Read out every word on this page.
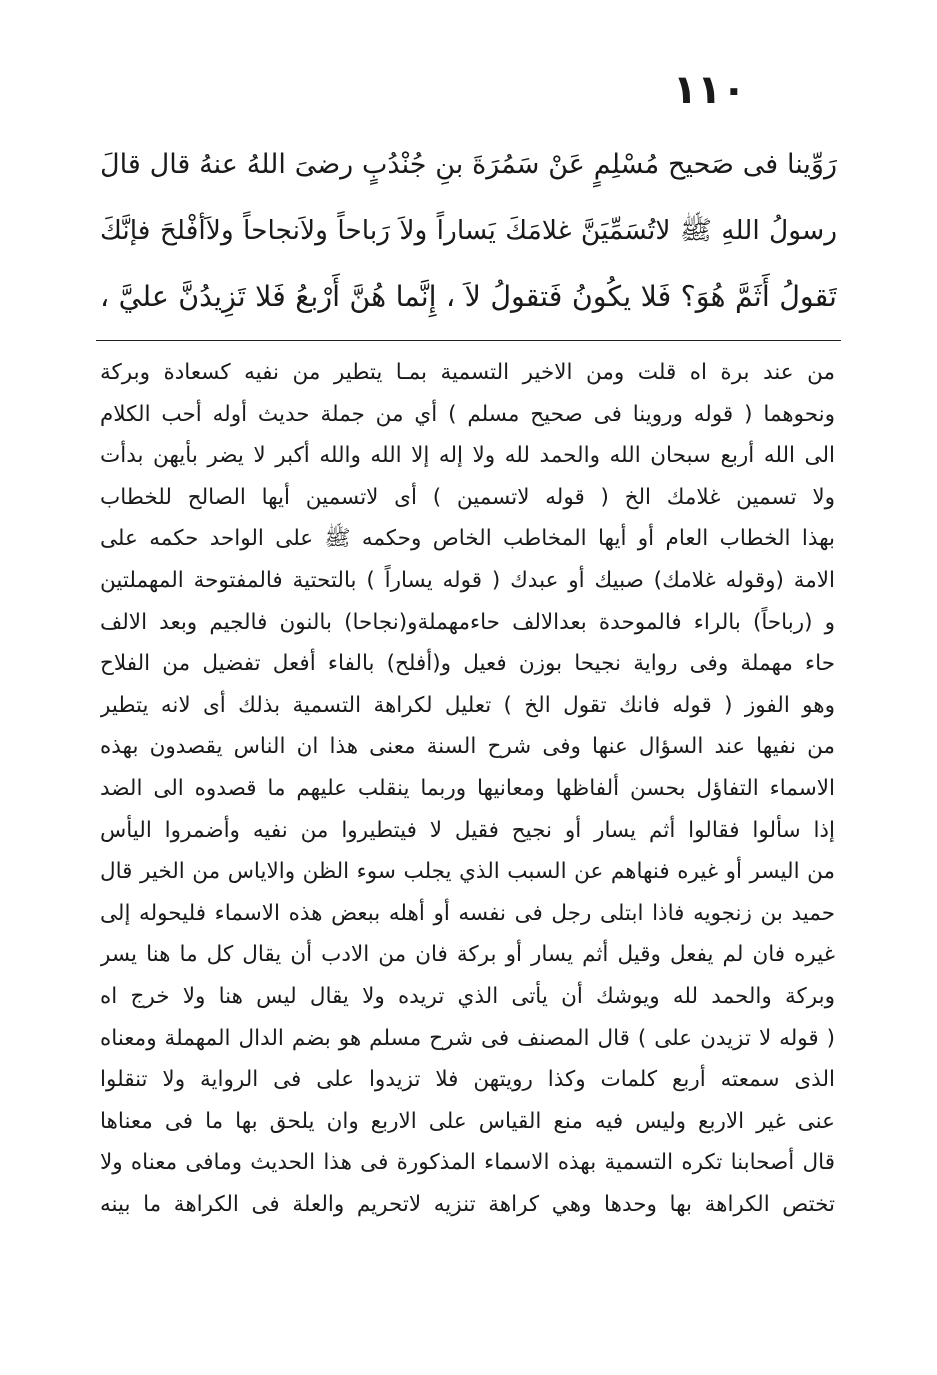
١١٠
رَوِّينا فى صَحيح مُسْلِمٍ عَنْ سَمُرَةَ بنِ جُنْدُبٍ رضىَ اللهُ عنهُ قال قالَ
رسولُ اللهِ ﷺ لاتُسَمِّيَنَّ غلامَكَ يَساراً ولاَ رَباحاً ولاَنجاحاً ولاَأفْلحَ فإنَّكَ
تَقولُ أَثَمَّ هُوَ؟ فَلا يكُونُ فَتقولُ لاَ ، إِنَّما هُنَّ أَرْبعُ فَلا تَزِيدُنَّ عليَّ ،
من عند برة اه قلت ومن الاخير التسمية بمـا يتطير من نفيه كسعادة وبركة
ونحوهما ( قوله وروينا فى صحيح مسلم ) أي من جملة حديث أوله أحب الكلام
الى الله أربع سبحان الله والحمد لله ولا إله إلا الله والله أكبر لا يضر بأيهن بدأت
ولا تسمين غلامك الخ ( قوله لاتسمين ) أى لاتسمين أيها الصالح للخطاب
بهذا الخطاب العام أو أيها المخاطب الخاص وحكمه ﷺ على الواحد حكمه على
الامة (وقوله غلامك) صبيك أو عبدك ( قوله يساراً ) بالتحتية فالمفتوحة المهملتين
و (رباحاً) بالراء فالموحدة بعدالالف حاءمهملةو(نجاحا) بالنون فالجيم وبعد الالف
حاء مهملة وفى رواية نجيحا بوزن فعيل و(أفلح) بالفاء أفعل تفضيل من الفلاح
وهو الفوز ( قوله فانك تقول الخ ) تعليل لكراهة التسمية بذلك أى لانه يتطير
من نفيها عند السؤال عنها وفى شرح السنة معنى هذا ان الناس يقصدون بهذه
الاسماء التفاؤل بحسن ألفاظها ومعانيها وربما ينقلب عليهم ما قصدوه الى الضد
إذا سألوا فقالوا أثم يسار أو نجيح فقيل لا فيتطيروا من نفيه وأضمروا اليأس
من اليسر أو غيره فنهاهم عن السبب الذي يجلب سوء الظن والاياس من الخير قال
حميد بن زنجويه فاذا ابتلى رجل فى نفسه أو أهله ببعض هذه الاسماء فليحوله إلى
غيره فان لم يفعل وقيل أثم يسار أو بركة فان من الادب أن يقال كل ما هنا يسر
وبركة والحمد لله ويوشك أن يأتى الذي تريده ولا يقال ليس هنا ولا خرج اه
( قوله لا تزيدن على ) قال المصنف فى شرح مسلم هو بضم الدال المهملة ومعناه
الذى سمعته أربع كلمات وكذا رويتهن فلا تزيدوا على فى الرواية ولا تنقلوا
عنى غير الاربع وليس فيه منع القياس على الاربع وان يلحق بها ما فى معناها
قال أصحابنا تكره التسمية بهذه الاسماء المذكورة فى هذا الحديث ومافى معناه ولا
تختص الكراهة بها وحدها وهي كراهة تنزيه لاتحريم والعلة فى الكراهة ما بينه
